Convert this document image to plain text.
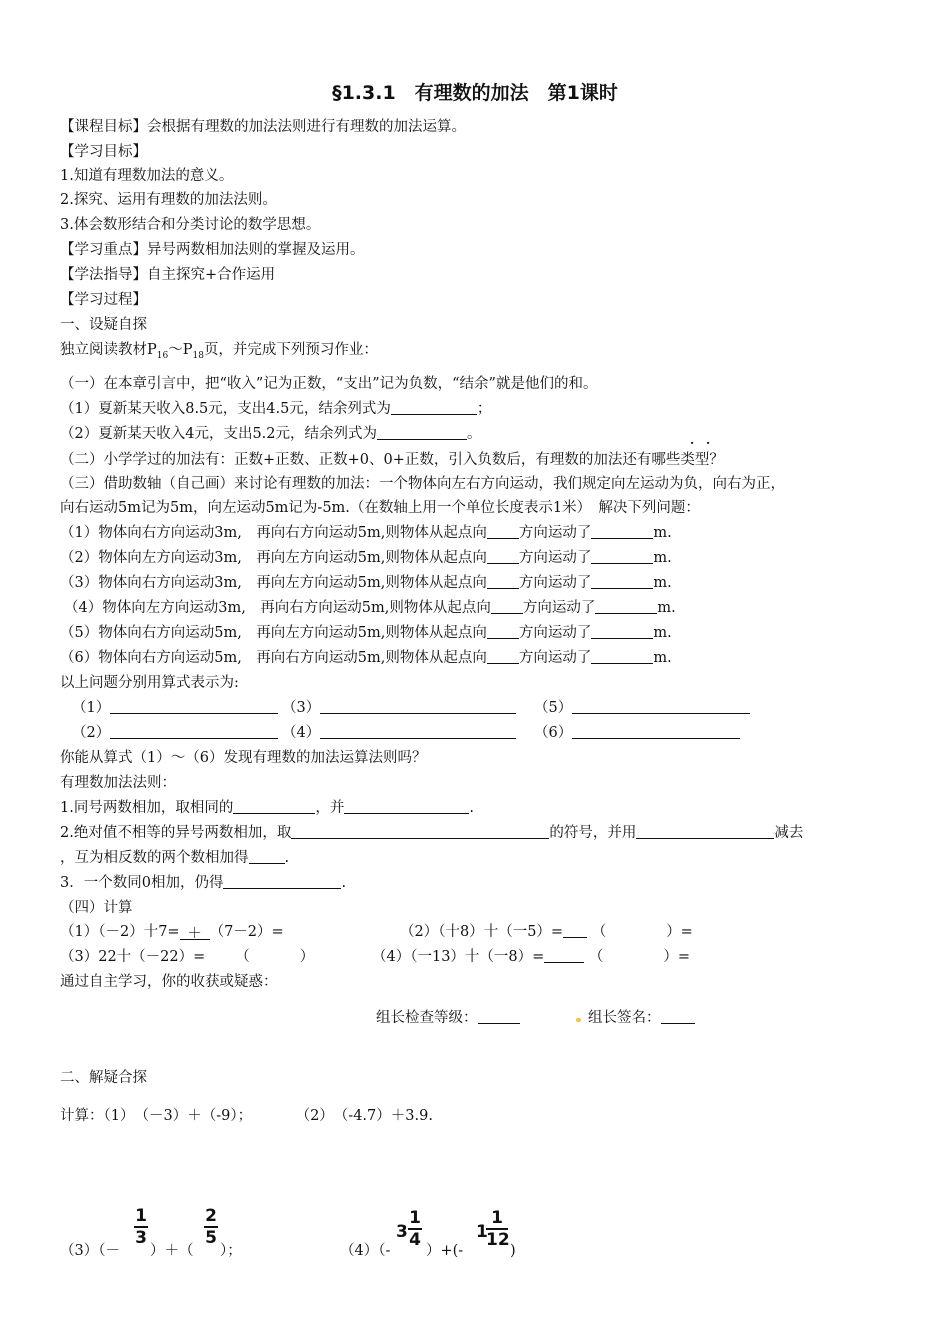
§1.3.1　有理数的加法　第1课时
【课程目标】会根据有理数的加法法则进行有理数的加法运算。
【学习目标】
1.知道有理数加法的意义。
2.探究、运用有理数的加法法则。
3.体会数形结合和分类讨论的数学思想。
【学习重点】异号两数相加法则的掌握及运用。
【学法指导】自主探究+合作运用
【学习过程】
一、设疑自探
独立阅读教材$P_{16}\sim P_{18}$页，并完成下列预习作业：
（一）在本章引言中，把“收入”记为正数，“支出”记为负数，“结余”就是他们的和。
（1）夏新某天收入8.5元，支出4.5元，结余列式为	；
（2）夏新某天收入4元，支出5.2元，结余列式为	。
· ·
（二）小学学过的加法有：正数+正数、正数+0、0+正数，引入负数后，有理数的加法还有哪些类型？
（三）借助数轴（自己画）来讨论有理数的加法：一个物体向左右方向运动，我们规定向左运动为负，向右为正，
向右运动5m记为5m，向左运动5m记为-5m.（在数轴上用一个单位长度表示1米）　解决下列问题：
（1）物体向右方向运动3m,　再向右方向运动5m,则物体从起点向 方向运动了	m.
（2）物体向左方向运动3m,　再向左方向运动5m,则物体从起点向 方向运动了	m.
（3）物体向右方向运动3m,　再向左方向运动5m,则物体从起点向 方向运动了	m.
（4）物体向左方向运动3m,　再向右方向运动5m,则物体从起点向 方向运动了	m.
（5）物体向右方向运动5m,　再向左方向运动5m,则物体从起点向 方向运动了	m.
（6）物体向右方向运动5m,　再向右方向运动5m,则物体从起点向 方向运动了	m.
以上问题分别用算式表示为:
（1）	（3）	（5）
（2）	（4）	（6）
你能从算式（1）～（6）发现有理数的加法运算法则吗？
有理数加法法则：
1.同号两数相加，取相同的	，并	.
2.绝对值不相等的异号两数相加，取	的符号，并用	减去
，互为相反数的两个数相加得 .
3．一个数同0相加，仍得	.
（四）计算
（1）（－2）十7= ＋ （7－2）=	（2）（十8）十（一5）= （	）=
（3）22十（－22）= （	）	（4）（一13）十（一8）=	（	）=
通过自主学习，你的收获或疑惑：
组长检查等级：	组长签名：
二、解疑合探
计算：（1）　（－3）＋（-9）；　　　　（2）　（-4.7）＋3.9.
（3）（－
1
3
）＋（
2
5
）；	（4）（-
3
1
4
）+(-
1
1
12
)
